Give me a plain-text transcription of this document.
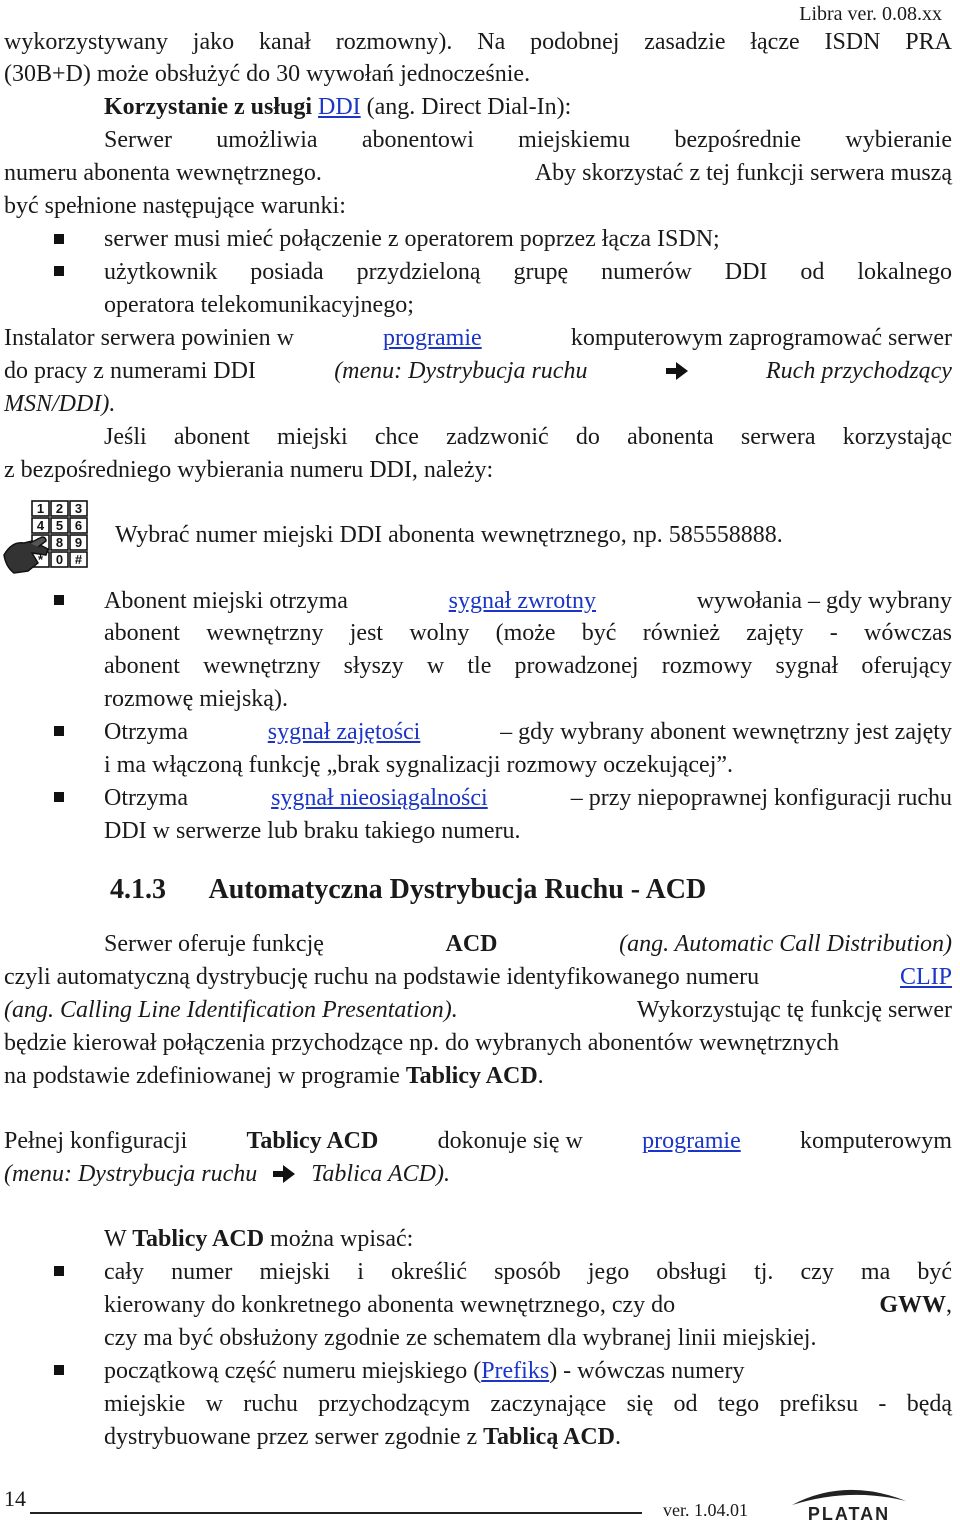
Libra ver. 0.08.xx
wykorzystywany jako kanał rozmowny). Na podobnej zasadzie łącze ISDN PRA
(30B+D) może obsłużyć do 30 wywołań jednocześnie.
Korzystanie z usługi DDI (ang. Direct Dial-In):
Serwer umożliwia abonentowi miejskiemu bezpośrednie wybieranie
numeru abonenta wewnętrznego.	Aby skorzystać z tej funkcji serwera muszą
być spełnione następujące warunki:
serwer musi mieć połączenie z operatorem poprzez łącza ISDN;
użytkownik posiada przydzieloną grupę numerów DDI od lokalnego
operatora telekomunikacyjnego;
Instalator serwera powinien w	programie	komputerowym zaprogramować serwer
do pracy z numerami DDI	(menu: Dystrybucja ruchu	Ruch przychodzący
MSN/DDI).
Jeśli abonent miejski chce zadzwonić do abonenta serwera korzystając
z bezpośredniego wybierania numeru DDI, należy:
1 2 3
4 5 6
8 9
* 0 #
Wybrać numer miejski DDI abonenta wewnętrznego, np. 585558888.
Abonent miejski otrzyma	sygnał zwrotny	wywołania – gdy wybrany
abonent wewnętrzny jest wolny (może być również zajęty - wówczas
abonent wewnętrzny słyszy w tle prowadzonej rozmowy sygnał oferujący
rozmowę miejską).
Otrzyma	sygnał zajętości	– gdy wybrany abonent wewnętrzny jest zajęty
i ma włączoną funkcję „brak sygnalizacji rozmowy oczekującej”.
Otrzyma	sygnał nieosiągalności	– przy niepoprawnej konfiguracji ruchu
DDI w serwerze lub braku takiego numeru.
4.1.3 Automatyczna Dystrybucja Ruchu - ACD
Serwer oferuje funkcję	ACD	(ang. Automatic Call Distribution)
czyli automatyczną dystrybucję ruchu na podstawie identyfikowanego numeru	CLIP
(ang. Calling Line Identification Presentation).	Wykorzystując tę funkcję serwer
będzie kierował połączenia przychodzące np. do wybranych abonentów wewnętrznych
na podstawie zdefiniowanej w programie Tablicy ACD.
Pełnej konfiguracji Tablicy ACD dokonuje się w programie komputerowym
(menu: Dystrybucja ruchu Tablica ACD).
W Tablicy ACD można wpisać:
cały numer miejski i określić sposób jego obsługi tj. czy ma być
kierowany do konkretnego abonenta wewnętrznego, czy do	GWW,
czy ma być obsłużony zgodnie ze schematem dla wybranej linii miejskiej.
początkową część numeru miejskiego (Prefiks) - wówczas numery
miejskie w ruchu przychodzącym zaczynające się od tego prefiksu - będą
dystrybuowane przez serwer zgodnie z Tablicą ACD.
14	ver. 1.04.01	PLATAN
